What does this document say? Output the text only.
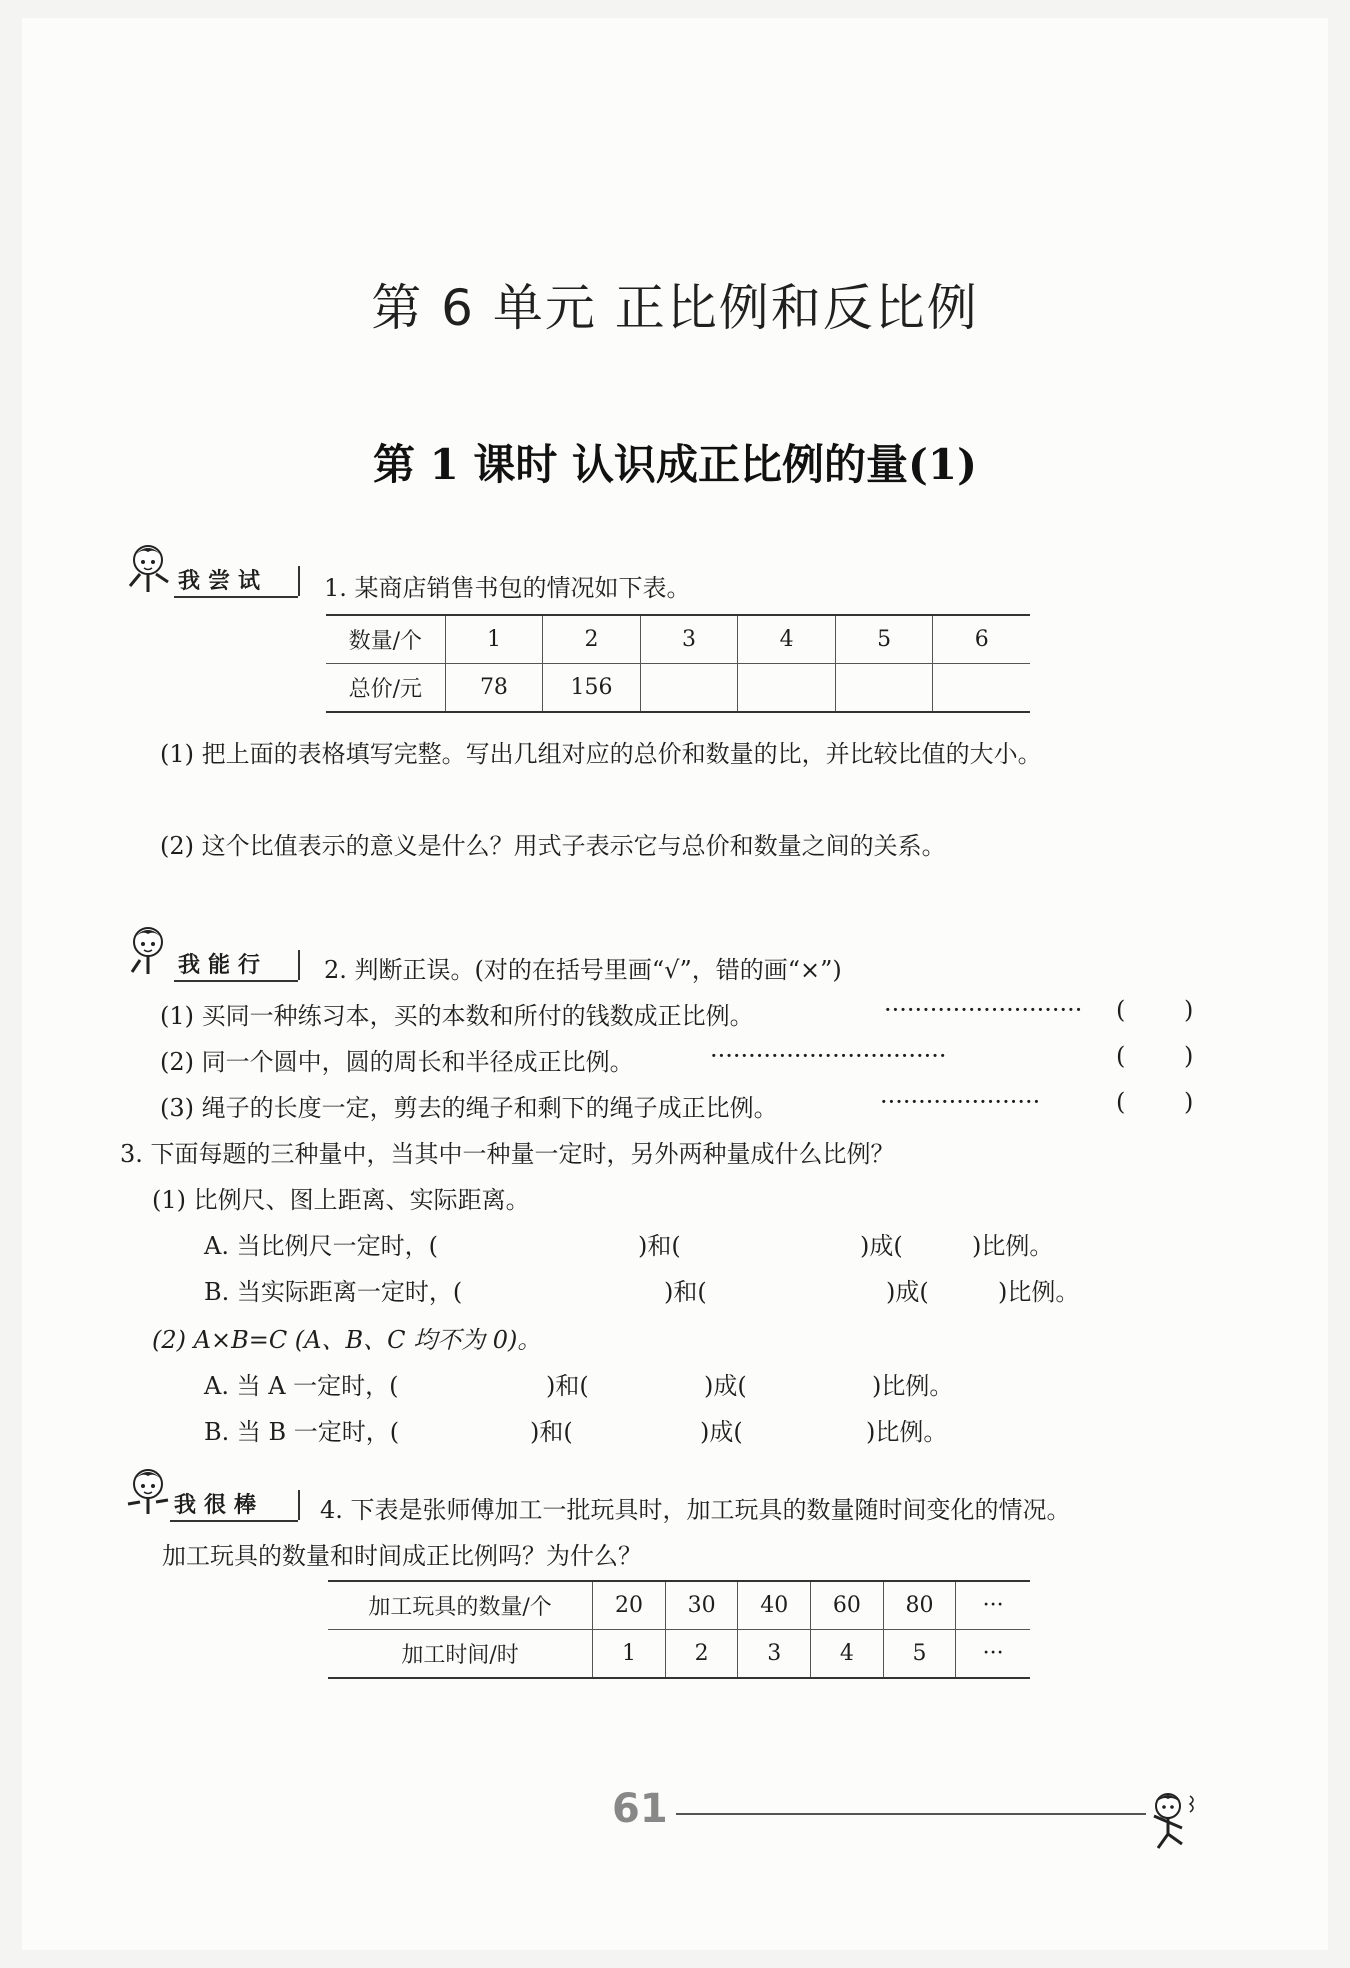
第 6 单元 正比例和反比例
第 1 课时 认识成正比例的量(1)
我尝试 1. 某商店销售书包的情况如下表。
数量/个	1	2	3	4	5	6
总价/元	78	156				
(1) 把上面的表格填写完整。写出几组对应的总价和数量的比，并比较比值的大小。
(2) 这个比值表示的意义是什么？用式子表示它与总价和数量之间的关系。
我能行 2. 判断正误。(对的在括号里画“√”，错的画“×”)
(1) 买同一种练习本，买的本数和所付的钱数成正比例。	·························· ( )
(2) 同一个圆中，圆的周长和半径成正比例。	·······························	( )
(3) 绳子的长度一定，剪去的绳子和剩下的绳子成正比例。	·····················	( )
3. 下面每题的三种量中，当其中一种量一定时，另外两种量成什么比例？
(1) 比例尺、图上距离、实际距离。
A. 当比例尺一定时，(	)和(	)成(	)比例。
B. 当实际距离一定时，(	)和(	)成(	)比例。
(2) A×B=C (A、B、C 均不为 0)。
A. 当 A 一定时，(	)和(	)成(	)比例。
B. 当 B 一定时，(	)和(	)成(	)比例。
我很棒 4. 下表是张师傅加工一批玩具时，加工玩具的数量随时间变化的情况。
加工玩具的数量和时间成正比例吗？为什么？
加工玩具的数量/个	20	30	40	60	80	···
加工时间/时	1	2	3	4	5	···
61
